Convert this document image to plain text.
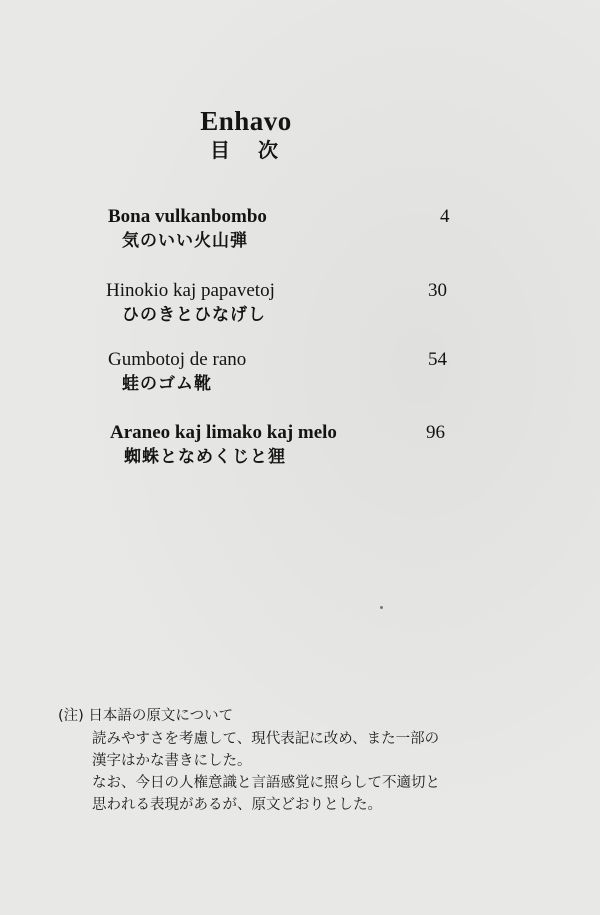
Enhavo
目次
Bona vulkanbombo
気のいい火山弾
4
Hinokio kaj papavetoj
ひのきとひなげし
30
Gumbotoj de rano
蛙のゴム靴
54
Araneo kaj limako kaj melo
蜘蛛となめくじと狸
96
(注) 日本語の原文について
読みやすさを考慮して、現代表記に改め、また一部の
漢字はかな書きにした。
なお、今日の人権意識と言語感覚に照らして不適切と
思われる表現があるが、原文どおりとした。
